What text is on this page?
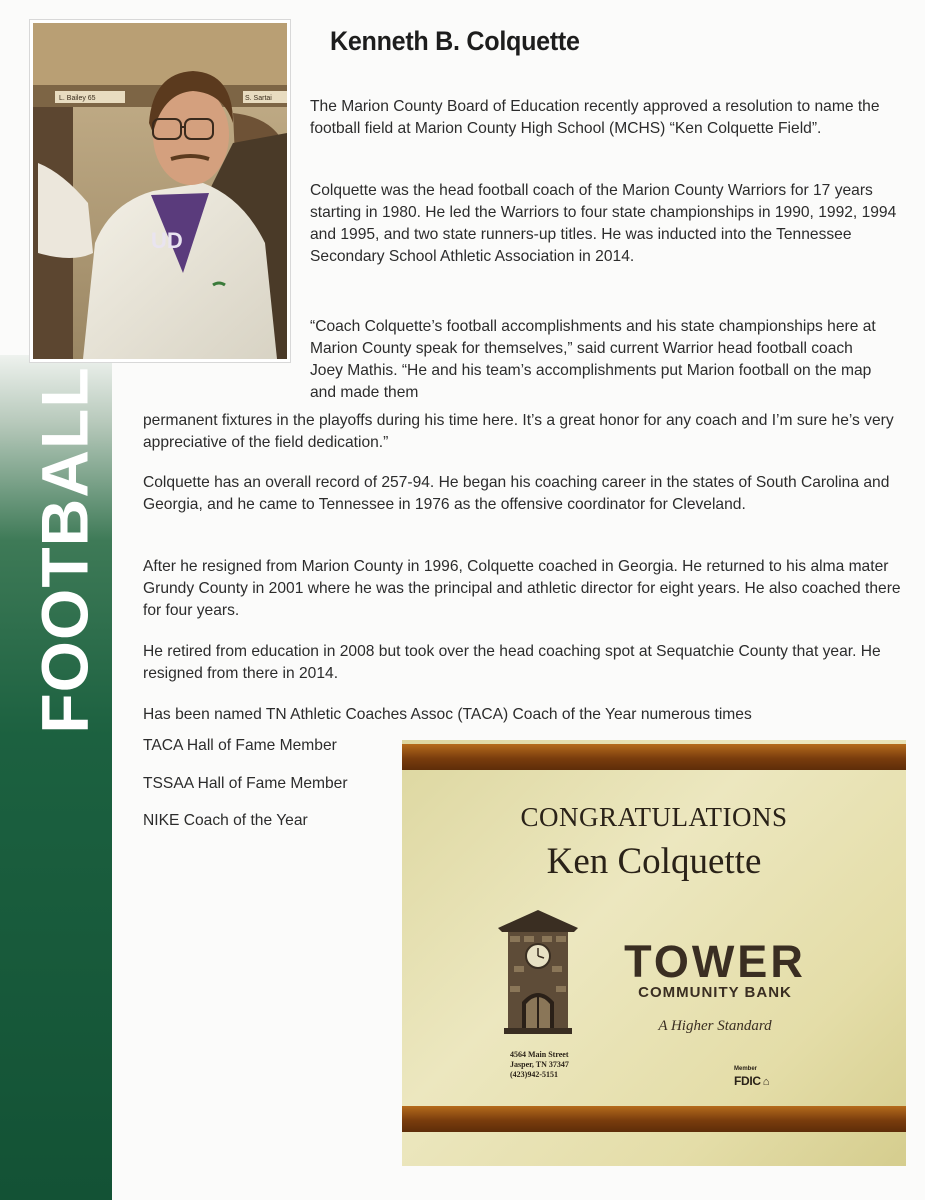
FOOTBALL
L. Bailey 65	S. Sartai
UD
Kenneth B. Colquette

The Marion County Board of Education recently approved a resolution to name the football field at Marion County High School (MCHS) “Ken Colquette Field”.

Colquette was the head football coach of the Marion County Warriors for 17 years starting in 1980. He led the Warriors to four state championships in 1990, 1992, 1994 and 1995, and two state runners-up titles. He was inducted into the Tennessee Secondary School Athletic Association in 2014.

“Coach Colquette’s football accomplishments and his state championships here at Marion County speak for themselves,” said current Warrior head football coach Joey Mathis. “He and his team’s accomplishments put Marion football on the map and made them

permanent fixtures in the playoffs during his time here. It’s a great honor for any coach and I’m sure he’s very appreciative of the field dedication.”

Colquette has an overall record of 257-94. He began his coaching career in the states of South Carolina and Georgia, and he came to Tennessee in 1976 as the offensive coordinator for Cleveland.

After he resigned from Marion County in 1996, Colquette coached in Georgia. He returned to his alma mater Grundy County in 2001 where he was the principal and athletic director for eight years. He also coached there for four years.

He retired from education in 2008 but took over the head coaching spot at Sequatchie County that year. He resigned from there in 2014.

Has been named TN Athletic Coaches Assoc (TACA) Coach of the Year numerous times

TACA Hall of Fame Member

TSSAA Hall of Fame Member

NIKE Coach of the Year	CONGRATULATIONS
Ken Colquette
TOWER
COMMUNITY BANK
A Higher Standard
4564 Main Street
Jasper, TN 37347
(423)942-5151
Member
FDIC ⌂
